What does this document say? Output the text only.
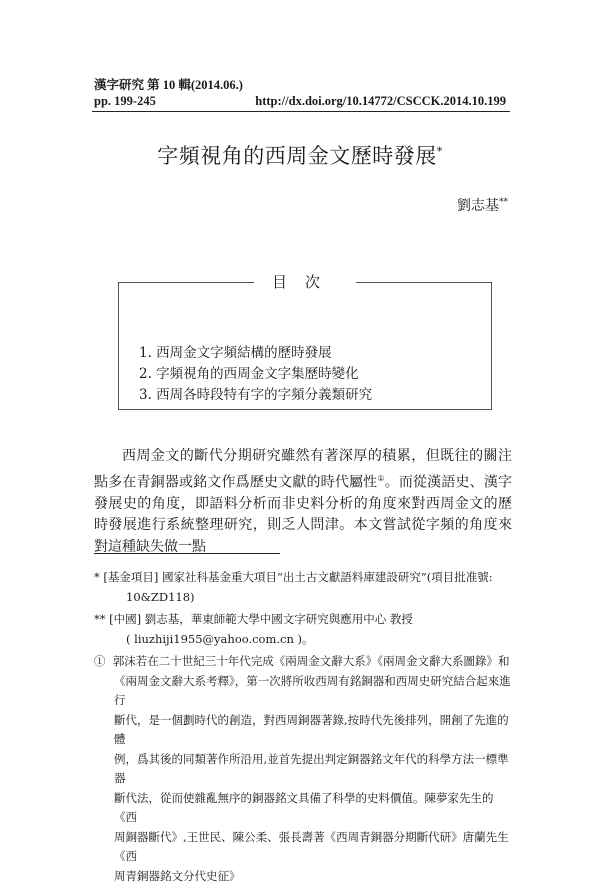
漢字研究 第 10 輯(2014.06.)
pp. 199-245	http://dx.doi.org/10.14772/CSCCK.2014.10.199
字頻視角的西周金文歷時發展*
劉志基**
目次
1. 西周金文字頻結構的歷時發展
2. 字頻視角的西周金文字集歷時變化
3. 西周各時段特有字的字頻分義類研究

西周金文的斷代分期研究雖然有著深厚的積累，但既往的關注點多在青銅器或銘文作爲歷史文獻的時代屬性①。而從漢語史、漢字發展史的角度，即語料分析而非史料分析的角度來對西周金文的歷時發展進行系統整理研究，則乏人問津。本文嘗試從字頻的角度來對這種缺失做一點

* [基金項目] 國家社科基金重大項目“出土古文獻語料庫建設研究”(項目批准號:
10&ZD118)
** [中國] 劉志基，華東師範大學中國文字研究與應用中心 教授
( liuzhiji1955@yahoo.com.cn )。
① 郭沫若在二十世紀三十年代完成《兩周金文辭大系》《兩周金文辭大系圖錄》和
《兩周金文辭大系考釋》，第一次將所收西周有銘銅器和西周史研究結合起來進行
斷代，是一個劃時代的創造，對西周銅器著錄,按時代先後排列，開創了先進的體
例，爲其後的同類著作所沿用,並首先提出判定銅器銘文年代的科學方法一標準器
斷代法，從而使雜亂無序的銅器銘文具備了科學的史料價值。陳夢家先生的《西
周銅器斷代》,王世民、陳公柔、張長壽著《西周青銅器分期斷代研》唐蘭先生《西
周青銅器銘文分代史征》
